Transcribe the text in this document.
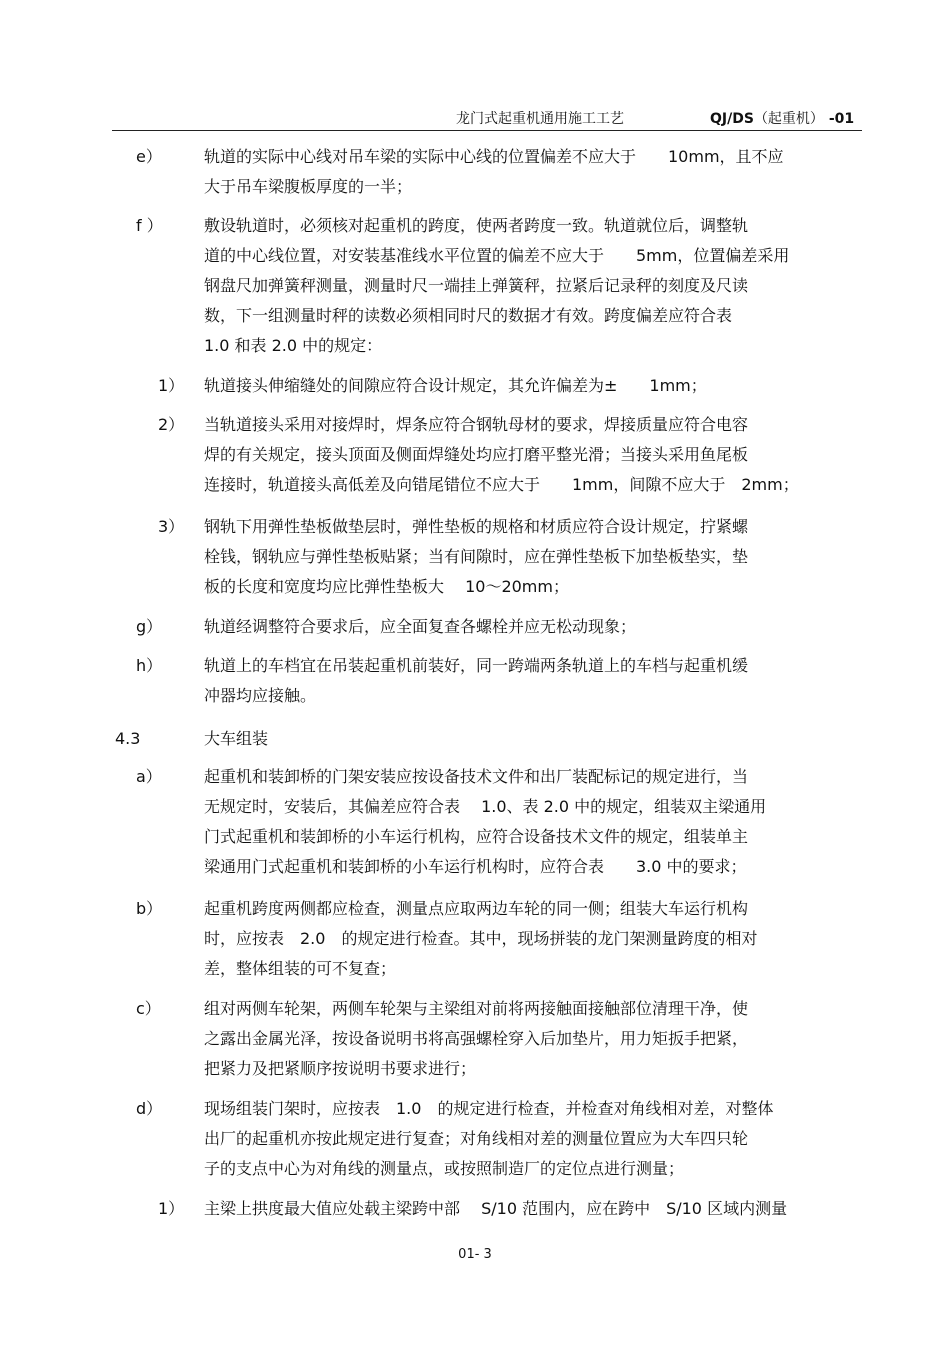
龙门式起重机通用施工工艺	QJ/DS（起重机） -01
e）	轨道的实际中心线对吊车梁的实际中心线的位置偏差不应大于　　10mm，且不应
大于吊车梁腹板厚度的一半；
f ）	敷设轨道时，必须核对起重机的跨度，使两者跨度一致。轨道就位后，调整轨
道的中心线位置，对安装基准线水平位置的偏差不应大于　　5mm，位置偏差采用
钢盘尺加弹簧秤测量，测量时尺一端挂上弹簧秤，拉紧后记录秤的刻度及尺读
数，下一组测量时秤的读数必须相同时尺的数据才有效。跨度偏差应符合表
1.0 和表 2.0 中的规定：
1） 轨道接头伸缩缝处的间隙应符合设计规定，其允许偏差为±　　1mm；
2） 当轨道接头采用对接焊时，焊条应符合钢轨母材的要求，焊接质量应符合电容
焊的有关规定，接头顶面及侧面焊缝处均应打磨平整光滑；当接头采用鱼尾板
连接时，轨道接头高低差及向错尾错位不应大于　　1mm，间隙不应大于　2mm；
3） 钢轨下用弹性垫板做垫层时，弹性垫板的规格和材质应符合设计规定，拧紧螺
栓钱，钢轨应与弹性垫板贴紧；当有间隙时，应在弹性垫板下加垫板垫实，垫
板的长度和宽度均应比弹性垫板大　 10～20mm；
g）	轨道经调整符合要求后，应全面复查各螺栓并应无松动现象；
h）	轨道上的车档宜在吊装起重机前装好，同一跨端两条轨道上的车档与起重机缓
冲器均应接触。
4.3	大车组装
a）	起重机和装卸桥的门架安装应按设备技术文件和出厂装配标记的规定进行，当
无规定时，安装后，其偏差应符合表　 1.0、表 2.0 中的规定，组装双主梁通用
门式起重机和装卸桥的小车运行机构，应符合设备技术文件的规定，组装单主
梁通用门式起重机和装卸桥的小车运行机构时，应符合表　　3.0 中的要求；
b）	起重机跨度两侧都应检查，测量点应取两边车轮的同一侧；组装大车运行机构
时，应按表　2.0　的规定进行检查。其中，现场拼装的龙门架测量跨度的相对
差，整体组装的可不复查；
c）	组对两侧车轮架，两侧车轮架与主梁组对前将两接触面接触部位清理干净，使
之露出金属光泽，按设备说明书将高强螺栓穿入后加垫片，用力矩扳手把紧，
把紧力及把紧顺序按说明书要求进行；
d）	现场组装门架时，应按表　1.0　的规定进行检查，并检查对角线相对差，对整体
出厂的起重机亦按此规定进行复查；对角线相对差的测量位置应为大车四只轮
子的支点中心为对角线的测量点，或按照制造厂的定位点进行测量；
1） 主梁上拱度最大值应处载主梁跨中部　 S/10 范围内，应在跨中　S/10 区域内测量
01- 3
